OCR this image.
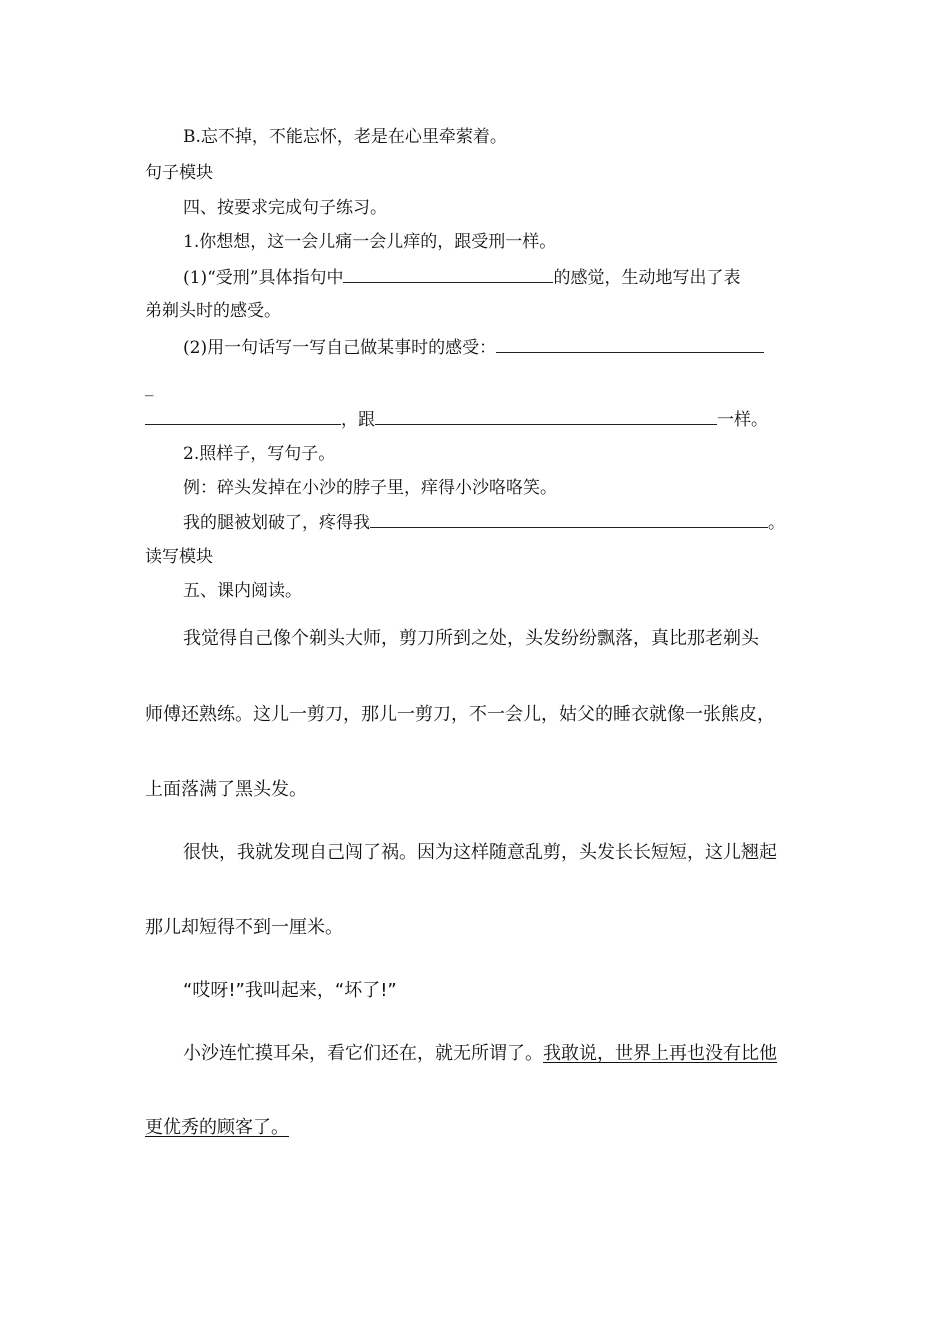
B.忘不掉，不能忘怀，老是在心里牵萦着。
句子模块
四、按要求完成句子练习。
1.你想想，这一会儿痛一会儿痒的，跟受刑一样。
(1)“受刑”具体指句中	的感觉，生动地写出了表
弟剃头时的感受。
(2)用一句话写一写自己做某事时的感受：
_
，跟	一样。
2.照样子，写句子。
例：碎头发掉在小沙的脖子里，痒得小沙咯咯笑。
我的腿被划破了，疼得我	。
读写模块
五、课内阅读。
我觉得自己像个剃头大师，剪刀所到之处，头发纷纷飘落，真比那老剃头
师傅还熟练。这儿一剪刀，那儿一剪刀，不一会儿，姑父的睡衣就像一张熊皮，
上面落满了黑头发。
很快，我就发现自己闯了祸。因为这样随意乱剪，头发长长短短，这儿翘起
那儿却短得不到一厘米。
“哎呀!”我叫起来，“坏了!”
小沙连忙摸耳朵，看它们还在，就无所谓了。我敢说，世界上再也没有比他
更优秀的顾客了。
